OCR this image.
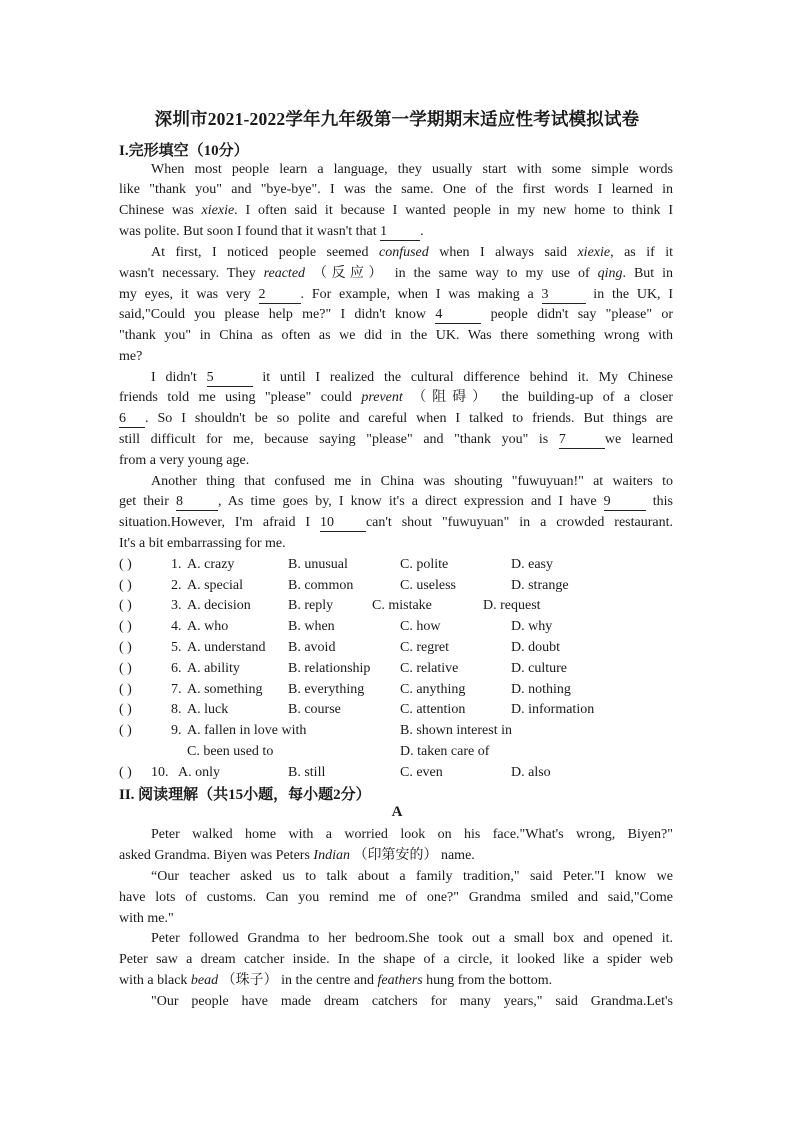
深圳市2021-2022学年九年级第一学期期末适应性考试模拟试卷
I.完形填空（10分）
When most people learn a language, they usually start with some simple words
like "thank you" and "bye-bye". I was the same. One of the first words I learned in
Chinese was xiexie. I often said it because I wanted people in my new home to think I
was polite. But soon I found that it wasn't that 1 .
At first, I noticed people seemed confused when I always said xiexie, as if it
wasn't necessary. They reacted （反应） in the same way to my use of qing. But in
my eyes, it was very 2	. For example, when I was making a 3	in the UK, I
said,"Could you please help me?" I didn't know 4	people didn't say "please" or
"thank you" in China as often as we did in the UK. Was there something wrong with
me?
I didn't 5	it until I realized the cultural difference behind it. My Chinese
friends told me using "please" could prevent （阻碍） the building-up of a closer
6 . So I shouldn't be so polite and careful when I talked to friends. But things are
still difficult for me, because saying "please" and "thank you" is 7	we learned
from a very young age.
Another thing that confused me in China was shouting "fuwuyuan!" at waiters to
get their 8	, As time goes by, I know it's a direct expression and I have 9	this
situation.However, I'm afraid I 10 can't shout "fuwuyuan" in a crowded restaurant.
It's a bit embarrassing for me.
( )	1. A. crazy	B. unusual	C. polite	D. easy
( )	2. A. special	B. common	C. useless	D. strange
( )	3. A. decision	B. reply	C. mistake	D. request
( )	4. A. who	B. when	C. how	D. why
( )	5. A. understand B. avoid	C. regret	D. doubt
( )	6. A. ability	B. relationship C. relative	D. culture
( )	7. A. something B. everything	C. anything	D. nothing
( )	8. A. luck	B. course	C. attention	D. information
( )	9. A. fallen in love with	B. shown interest in
C. been used to	D. taken care of
( ) 10. A. only	B. still	C. even	D. also
II. 阅读理解（共15小题，每小题2分）
A
Peter walked home with a worried look on his face."What's wrong, Biyen?"
asked Grandma. Biyen was Peters Indian （印第安的） name.
“Our teacher asked us to talk about a family tradition," said Peter."I know we
have lots of customs. Can you remind me of one?" Grandma smiled and said,"Come
with me."
Peter followed Grandma to her bedroom.She took out a small box and opened it.
Peter saw a dream catcher inside. In the shape of a circle, it looked like a spider web
with a black bead （珠子） in the centre and feathers hung from the bottom.
"Our people have made dream catchers for many years," said Grandma.Let's
